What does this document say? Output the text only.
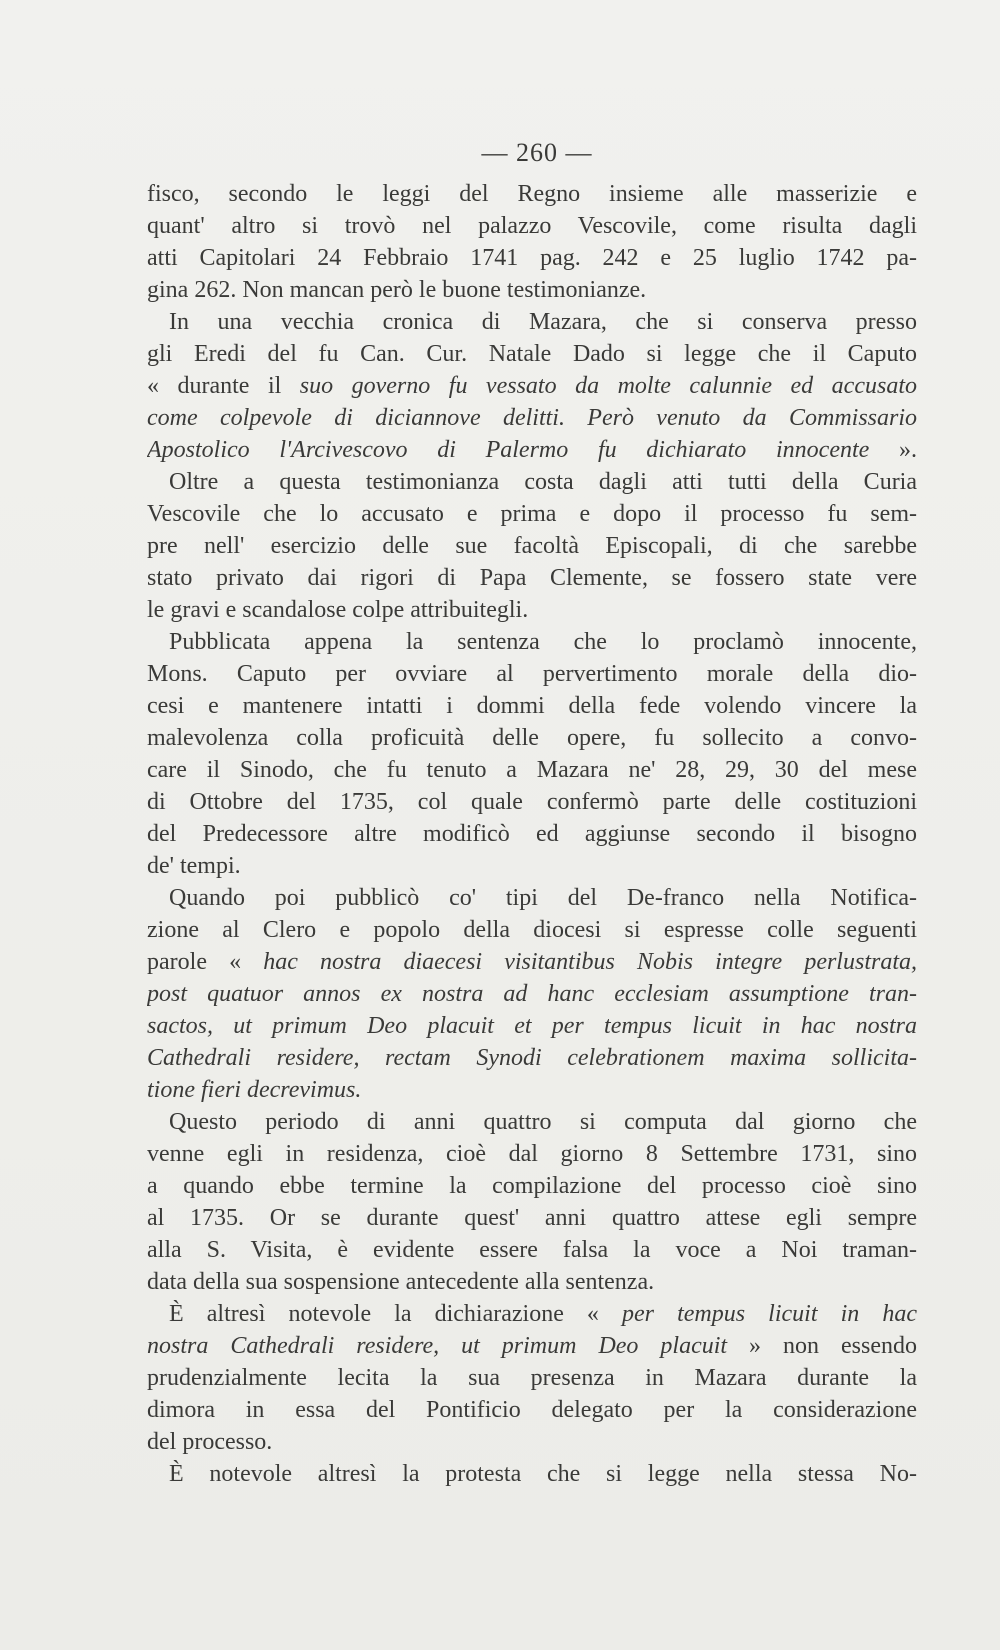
— 260 —
fisco, secondo le leggi del Regno insieme alle masserizie e
quant' altro si trovò nel palazzo Vescovile, come risulta dagli
atti Capitolari 24 Febbraio 1741 pag. 242 e 25 luglio 1742 pa-
gina 262. Non mancan però le buone testimonianze.
In una vecchia cronica di Mazara, che si conserva presso
gli Eredi del fu Can. Cur. Natale Dado si legge che il Caputo
« durante il suo governo fu vessato da molte calunnie ed accusato
come colpevole di diciannove delitti. Però venuto da Commissario
Apostolico l'Arcivescovo di Palermo fu dichiarato innocente ».
Oltre a questa testimonianza costa dagli atti tutti della Curia
Vescovile che lo accusato e prima e dopo il processo fu sem-
pre nell' esercizio delle sue facoltà Episcopali, di che sarebbe
stato privato dai rigori di Papa Clemente, se fossero state vere
le gravi e scandalose colpe attribuitegli.
Pubblicata appena la sentenza che lo proclamò innocente,
Mons. Caputo per ovviare al pervertimento morale della dio-
cesi e mantenere intatti i dommi della fede volendo vincere la
malevolenza colla proficuità delle opere, fu sollecito a convo-
care il Sinodo, che fu tenuto a Mazara ne' 28, 29, 30 del mese
di Ottobre del 1735, col quale confermò parte delle costituzioni
del Predecessore altre modificò ed aggiunse secondo il bisogno
de' tempi.
Quando poi pubblicò co' tipi del De-franco nella Notifica-
zione al Clero e popolo della diocesi si espresse colle seguenti
parole « hac nostra diaecesi visitantibus Nobis integre perlustrata,
post quatuor annos ex nostra ad hanc ecclesiam assumptione tran-
sactos, ut primum Deo placuit et per tempus licuit in hac nostra
Cathedrali residere, rectam Synodi celebrationem maxima sollicita-
tione fieri decrevimus.
Questo periodo di anni quattro si computa dal giorno che
venne egli in residenza, cioè dal giorno 8 Settembre 1731, sino
a quando ebbe termine la compilazione del processo cioè sino
al 1735. Or se durante quest' anni quattro attese egli sempre
alla S. Visita, è evidente essere falsa la voce a Noi traman-
data della sua sospensione antecedente alla sentenza.
È altresì notevole la dichiarazione « per tempus licuit in hac
nostra Cathedrali residere, ut primum Deo placuit » non essendo
prudenzialmente lecita la sua presenza in Mazara durante la
dimora in essa del Pontificio delegato per la considerazione
del processo.
È notevole altresì la protesta che si legge nella stessa No-
